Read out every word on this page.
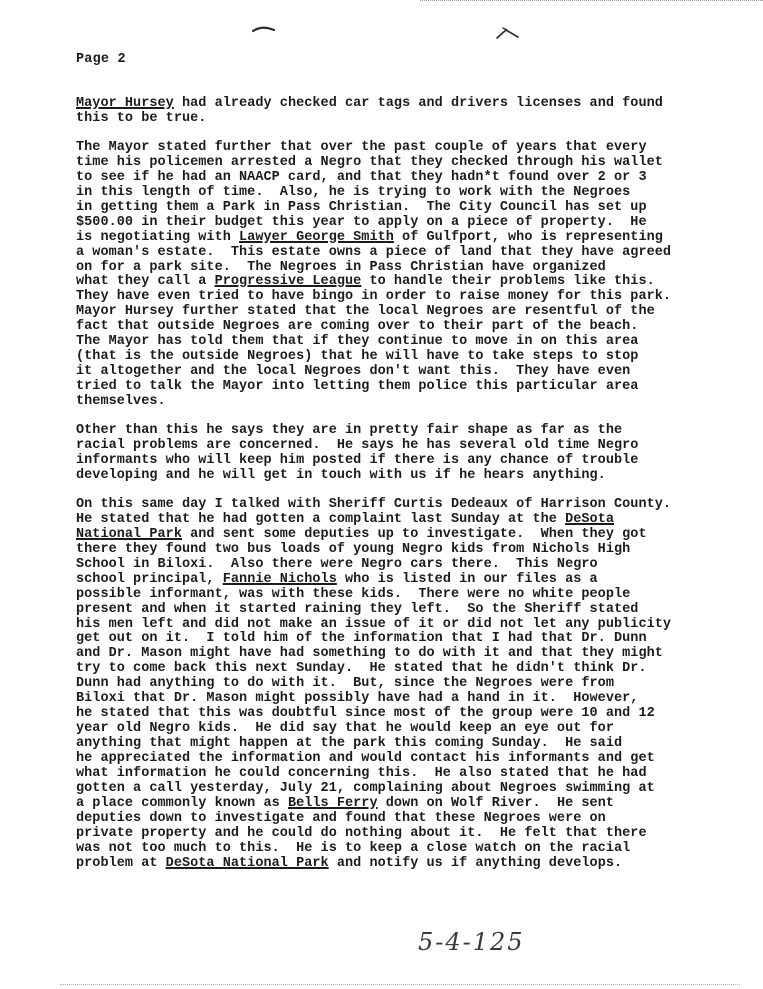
Page 2
Mayor Hursey had already checked car tags and drivers licenses and found
this to be true.
The Mayor stated further that over the past couple of years that every
time his policemen arrested a Negro that they checked through his wallet
to see if he had an NAACP card, and that they hadn*t found over 2 or 3
in this length of time.  Also, he is trying to work with the Negroes
in getting them a Park in Pass Christian.  The City Council has set up
$500.00 in their budget this year to apply on a piece of property.  He
is negotiating with Lawyer George Smith of Gulfport, who is representing
a woman's estate.  This estate owns a piece of land that they have agreed
on for a park site.  The Negroes in Pass Christian have organized
what they call a Progressive League to handle their problems like this.
They have even tried to have bingo in order to raise money for this park.
Mayor Hursey further stated that the local Negroes are resentful of the
fact that outside Negroes are coming over to their part of the beach.
The Mayor has told them that if they continue to move in on this area
(that is the outside Negroes) that he will have to take steps to stop
it altogether and the local Negroes don't want this.  They have even
tried to talk the Mayor into letting them police this particular area
themselves.
Other than this he says they are in pretty fair shape as far as the
racial problems are concerned.  He says he has several old time Negro
informants who will keep him posted if there is any chance of trouble
developing and he will get in touch with us if he hears anything.
On this same day I talked with Sheriff Curtis Dedeaux of Harrison County.
He stated that he had gotten a complaint last Sunday at the DeSota
National Park and sent some deputies up to investigate.  When they got
there they found two bus loads of young Negro kids from Nichols High
School in Biloxi.  Also there were Negro cars there.  This Negro
school principal, Fannie Nichols who is listed in our files as a
possible informant, was with these kids.  There were no white people
present and when it started raining they left.  So the Sheriff stated
his men left and did not make an issue of it or did not let any publicity
get out on it.  I told him of the information that I had that Dr. Dunn
and Dr. Mason might have had something to do with it and that they might
try to come back this next Sunday.  He stated that he didn't think Dr.
Dunn had anything to do with it.  But, since the Negroes were from
Biloxi that Dr. Mason might possibly have had a hand in it.  However,
he stated that this was doubtful since most of the group were 10 and 12
year old Negro kids.  He did say that he would keep an eye out for
anything that might happen at the park this coming Sunday.  He said
he appreciated the information and would contact his informants and get
what information he could concerning this.  He also stated that he had
gotten a call yesterday, July 21, complaining about Negroes swimming at
a place commonly known as Bells Ferry down on Wolf River.  He sent
deputies down to investigate and found that these Negroes were on
private property and he could do nothing about it.  He felt that there
was not too much to this.  He is to keep a close watch on the racial
problem at DeSota National Park and notify us if anything develops.
5-4-125
